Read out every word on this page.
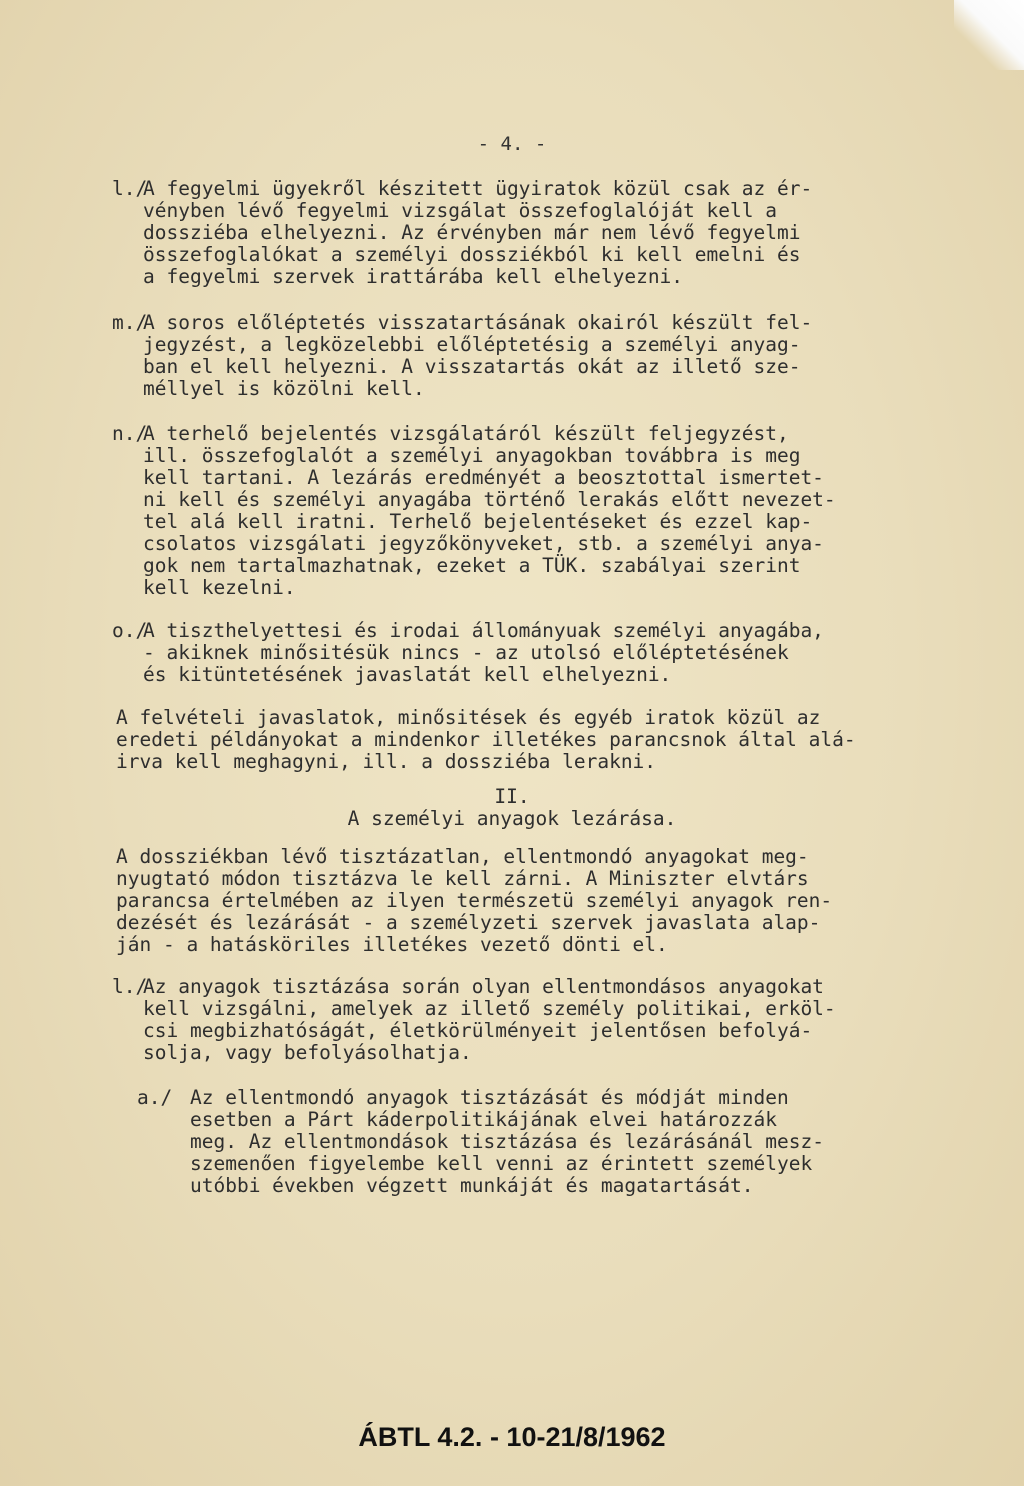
- 4. -
l./
A fegyelmi ügyekről készitett ügyiratok közül csak az ér-
vényben lévő fegyelmi vizsgálat összefoglalóját kell a
dossziéba elhelyezni. Az érvényben már nem lévő fegyelmi
összefoglalókat a személyi dossziékból ki kell emelni és
a fegyelmi szervek irattárába kell elhelyezni.
m./
A soros előléptetés visszatartásának okairól készült fel-
jegyzést, a legközelebbi előléptetésig a személyi anyag-
ban el kell helyezni. A visszatartás okát az illető sze-
méllyel is közölni kell.
n./
A terhelő bejelentés vizsgálatáról készült feljegyzést,
ill. összefoglalót a személyi anyagokban továbbra is meg
kell tartani. A lezárás eredményét a beosztottal ismertet-
ni kell és személyi anyagába történő lerakás előtt nevezet-
tel alá kell iratni. Terhelő bejelentéseket és ezzel kap-
csolatos vizsgálati jegyzőkönyveket, stb. a személyi anya-
gok nem tartalmazhatnak, ezeket a TÜK. szabályai szerint
kell kezelni.
o./
A tiszthelyettesi és irodai állományuak személyi anyagába,
- akiknek minősitésük nincs - az utolsó előléptetésének
és kitüntetésének javaslatát kell elhelyezni.
A felvételi javaslatok, minősitések és egyéb iratok közül az
eredeti példányokat a mindenkor illetékes parancsnok által alá-
irva kell meghagyni, ill. a dossziéba lerakni.
II.
A személyi anyagok lezárása.
A dossziékban lévő tisztázatlan, ellentmondó anyagokat meg-
nyugtató módon tisztázva le kell zárni. A Miniszter elvtárs
parancsa értelmében az ilyen természetü személyi anyagok ren-
dezését és lezárását - a személyzeti szervek javaslata alap-
ján - a hatásköriles illetékes vezető dönti el.
l./
Az anyagok tisztázása során olyan ellentmondásos anyagokat
kell vizsgálni, amelyek az illető személy politikai, erköl-
csi megbizhatóságát, életkörülményeit jelentősen befolyá-
solja, vagy befolyásolhatja.
a./ Az ellentmondó anyagok tisztázását és módját minden
esetben a Párt káderpolitikájának elvei határozzák
meg. Az ellentmondások tisztázása és lezárásánál mesz-
szemenően figyelembe kell venni az érintett személyek
utóbbi években végzett munkáját és magatartását.
ÁBTL 4.2. - 10-21/8/1962
